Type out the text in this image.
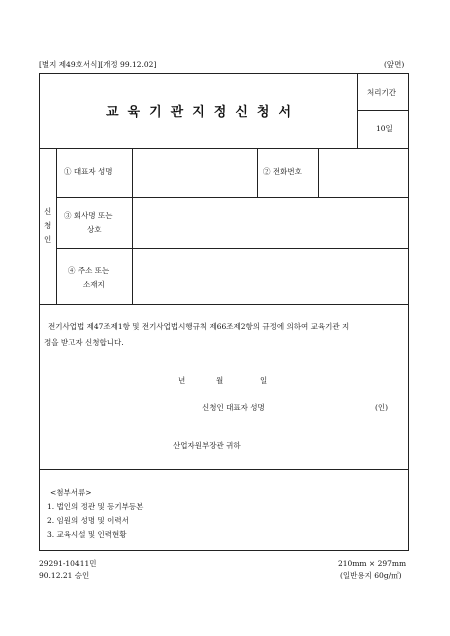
[별지 제49호서식][개정 99.12.02]	(앞면)
교육기관지정신청서
처리기간
10일
신
청
인
① 대표자 성명	② 전화번호
③ 회사명 또는
상호
④ 주소 또는
소재지
전기사업법 제47조제1항 및 전기사업법시행규칙 제66조제2항의 규정에 의하여 교육기관 지
정을 받고자 신청합니다.
년	월	일
신청인 대표자 성명	(인)
산업자원부장관 귀하
<첨부서류>
1. 법인의 정관 및 등기부등본
2. 임원의 성명 및 이력서
3. 교육시설 및 인력현황
29291-10411민
90.12.21 승인
210mm × 297mm
(일반용지 60g/㎡)
